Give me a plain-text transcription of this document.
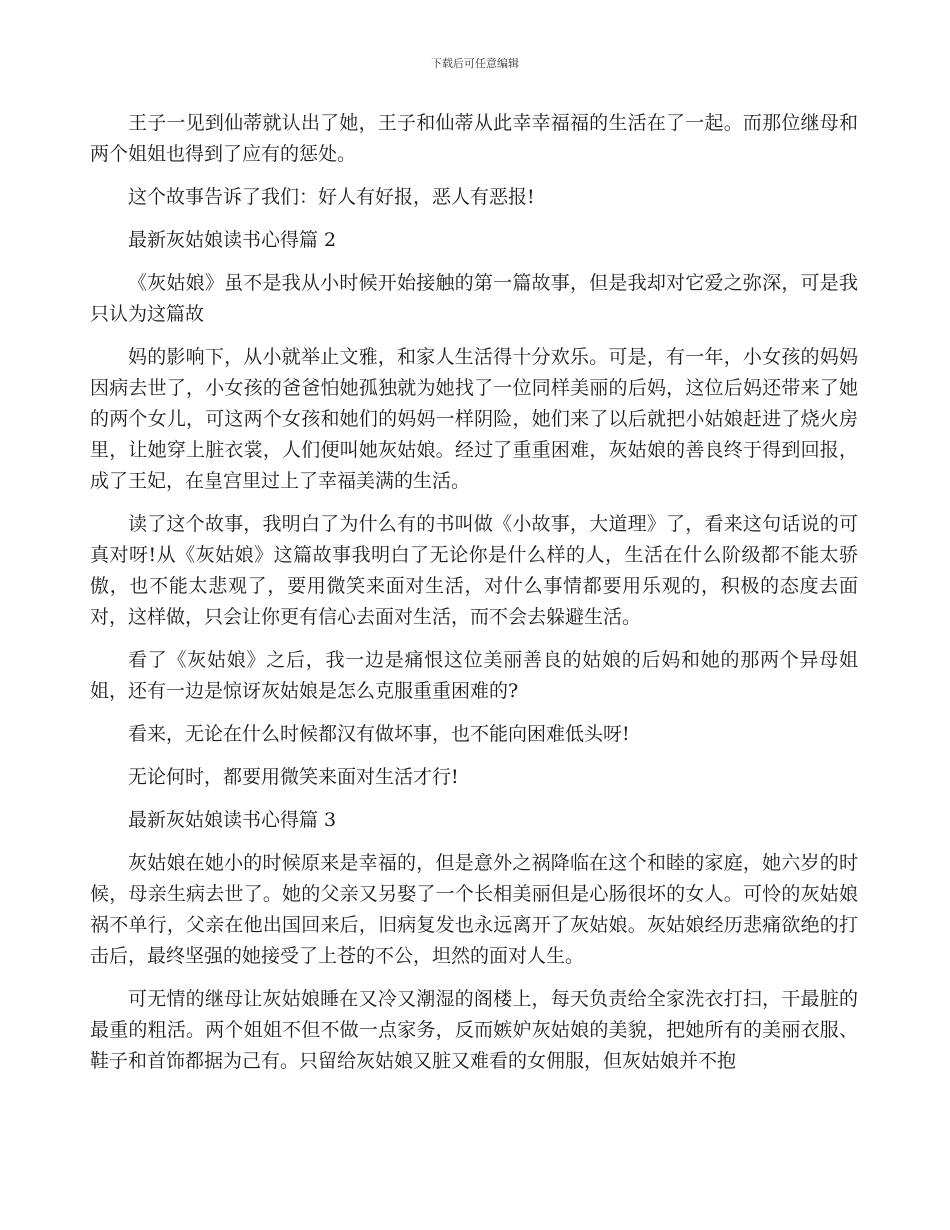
下载后可任意编辑

王子一见到仙蒂就认出了她，王子和仙蒂从此幸幸福福的生活在了一起。而那位继母和两个姐姐也得到了应有的惩处。

这个故事告诉了我们：好人有好报，恶人有恶报!

最新灰姑娘读书心得篇 2

《灰姑娘》虽不是我从小时候开始接触的第一篇故事，但是我却对它爱之弥深，可是我只认为这篇故

妈的影响下，从小就举止文雅，和家人生活得十分欢乐。可是，有一年，小女孩的妈妈因病去世了，小女孩的爸爸怕她孤独就为她找了一位同样美丽的后妈，这位后妈还带来了她的两个女儿，可这两个女孩和她们的妈妈一样阴险，她们来了以后就把小姑娘赶进了烧火房里，让她穿上脏衣裳，人们便叫她灰姑娘。经过了重重困难，灰姑娘的善良终于得到回报，成了王妃，在皇宫里过上了幸福美满的生活。

读了这个故事，我明白了为什么有的书叫做《小故事，大道理》了，看来这句话说的可真对呀!从《灰姑娘》这篇故事我明白了无论你是什么样的人，生活在什么阶级都不能太骄傲，也不能太悲观了，要用微笑来面对生活，对什么事情都要用乐观的，积极的态度去面对，这样做，只会让你更有信心去面对生活，而不会去躲避生活。

看了《灰姑娘》之后，我一边是痛恨这位美丽善良的姑娘的后妈和她的那两个异母姐姐，还有一边是惊讶灰姑娘是怎么克服重重困难的?

看来，无论在什么时候都汉有做坏事，也不能向困难低头呀!

无论何时，都要用微笑来面对生活才行!

最新灰姑娘读书心得篇 3

灰姑娘在她小的时候原来是幸福的，但是意外之祸降临在这个和睦的家庭，她六岁的时候，母亲生病去世了。她的父亲又另娶了一个长相美丽但是心肠很坏的女人。可怜的灰姑娘祸不单行，父亲在他出国回来后，旧病复发也永远离开了灰姑娘。灰姑娘经历悲痛欲绝的打击后，最终坚强的她接受了上苍的不公，坦然的面对人生。

可无情的继母让灰姑娘睡在又冷又潮湿的阁楼上，每天负责给全家洗衣打扫，干最脏的最重的粗活。两个姐姐不但不做一点家务，反而嫉妒灰姑娘的美貌，把她所有的美丽衣服、鞋子和首饰都据为己有。只留给灰姑娘又脏又难看的女佣服，但灰姑娘并不抱
